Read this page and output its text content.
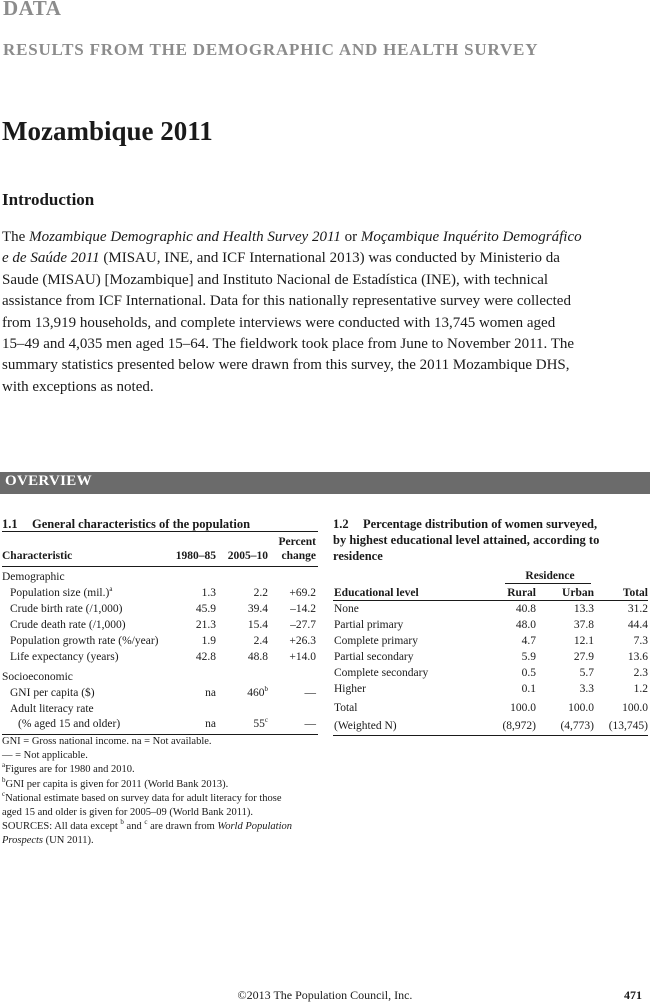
DATA
RESULTS FROM THE DEMOGRAPHIC AND HEALTH SURVEY
Mozambique 2011
Introduction
The Mozambique Demographic and Health Survey 2011 or Moçambique Inquérito Demográfico
e de Saúde 2011 (MISAU, INE, and ICF International 2013) was conducted by Ministerio da
Saude (MISAU) [Mozambique] and Instituto Nacional de Estadística (INE), with technical
assistance from ICF International. Data for this nationally representative survey were collected
from 13,919 households, and complete interviews were conducted with 13,745 women aged
15–49 and 4,035 men aged 15–64. The fieldwork took place from June to November 2011. The
summary statistics presented below were drawn from this survey, the 2011 Mozambique DHS,
with exceptions as noted.
OVERVIEW
1.1 General characteristics of the population
Percent
Characteristic	1980–85	2005–10	change
Demographic
Population size $(mil.)^a$	1.3	2.2	+69.2
Crude birth rate (/1,000)	45.9	39.4	–14.2
Crude death rate (/1,000)	21.3	15.4	–27.7
Population growth rate (%/year)	1.9	2.4	+26.3
Life expectancy (years)	42.8	48.8	+14.0
Socioeconomic
GNI per capita ($)	na	460$^b$	—
Adult literacy rate
(% aged 15 and older)	na	55$^c$	—
GNI = Gross national income. na = Not available.
— = Not applicable.
$^a$Figures are for 1980 and 2010.
$^b$GNI per capita is given for 2011 (World Bank 2013).
$^c$National estimate based on survey data for adult literacy for those
aged 15 and older is given for 2005–09 (World Bank 2011).
SOURCES: All data except $^b$ and $^c$ are drawn from World Population
Prospects (UN 2011).
1.2 Percentage distribution of women surveyed,
by highest educational level attained, according to
residence
Residence
Educational level	Rural	Urban	Total
None	40.8	13.3	31.2
Partial primary	48.0	37.8	44.4
Complete primary	4.7	12.1	7.3
Partial secondary	5.9	27.9	13.6
Complete secondary	0.5	5.7	2.3
Higher	0.1	3.3	1.2
Total	100.0	100.0	100.0
(Weighted N)	(8,972)	(4,773)	(13,745)
©2013 The Population Council, Inc.	471
